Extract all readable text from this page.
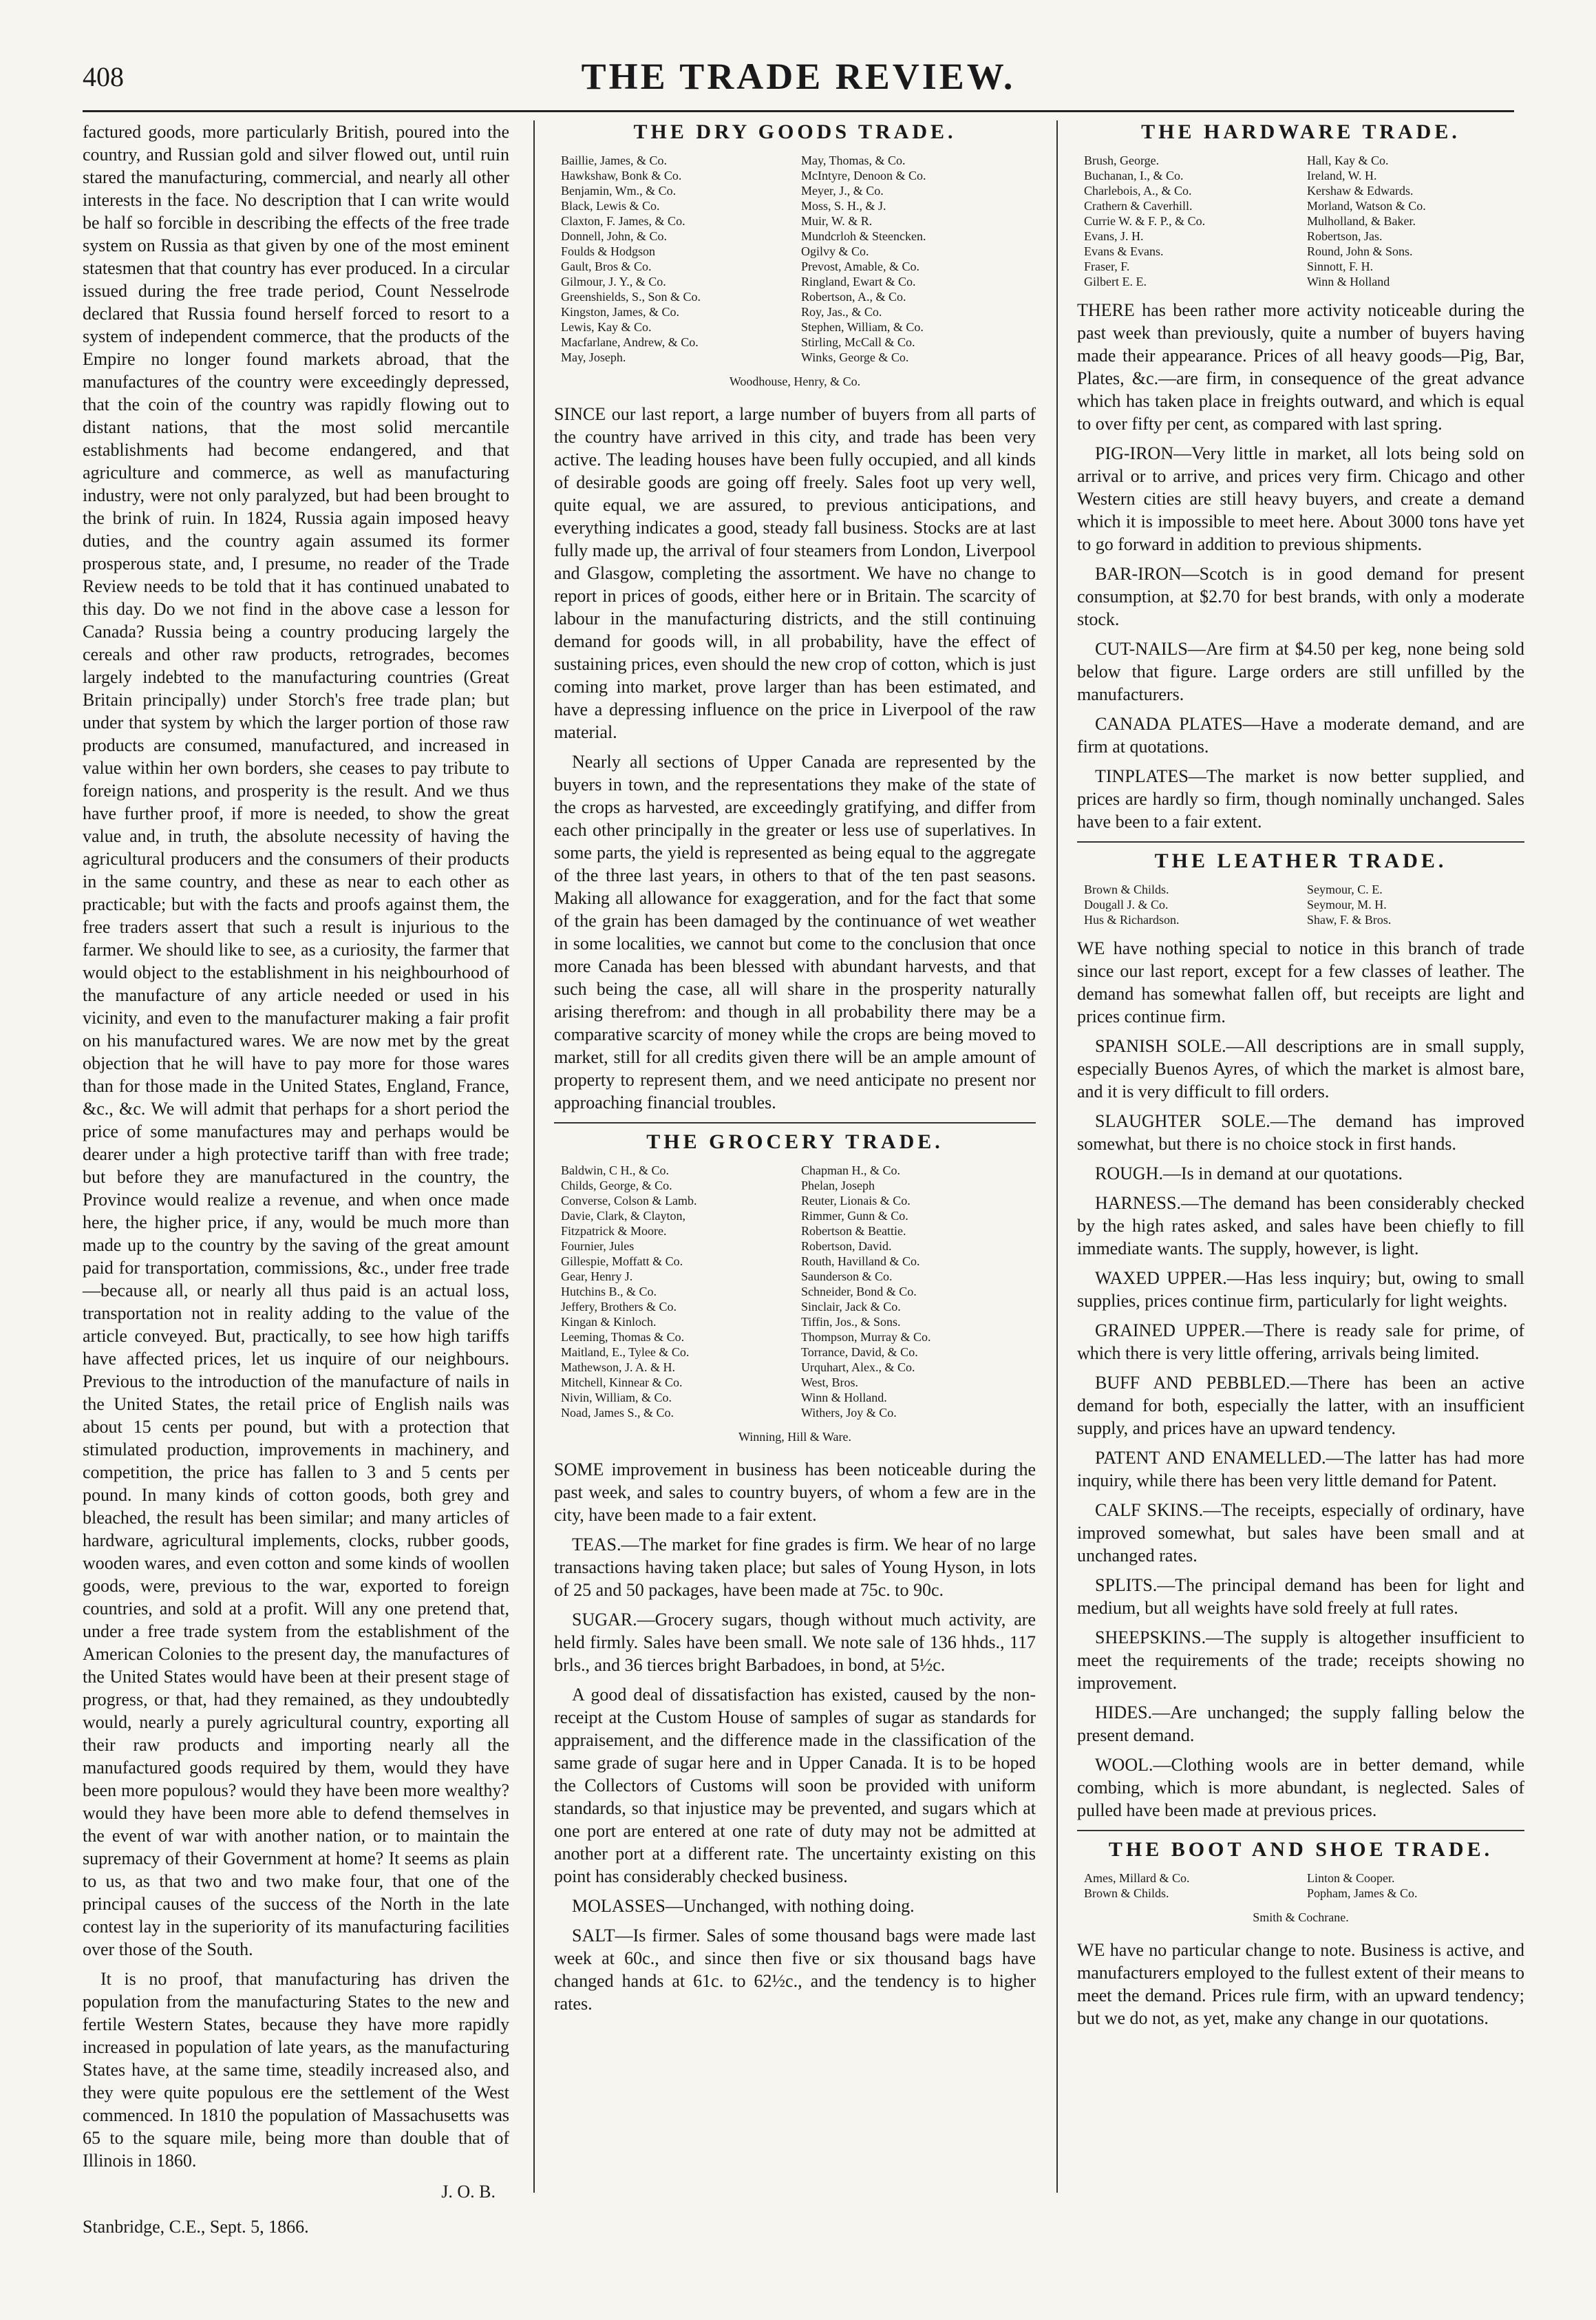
408	THE TRADE REVIEW.

factured goods, more particularly British, poured into the country, and Russian gold and silver flowed out, until ruin stared the manufacturing, commercial, and nearly all other interests in the face. No description that I can write would be half so forcible in describing the effects of the free trade system on Russia as that given by one of the most eminent statesmen that that country has ever produced. In a circular issued during the free trade period, Count Nesselrode declared that Russia found herself forced to resort to a system of independent commerce, that the products of the Empire no longer found markets abroad, that the manufactures of the country were exceedingly depressed, that the coin of the country was rapidly flowing out to distant nations, that the most solid mercantile establishments had become endangered, and that agriculture and commerce, as well as manufacturing industry, were not only paralyzed, but had been brought to the brink of ruin. In 1824, Russia again imposed heavy duties, and the country again assumed its former prosperous state, and, I presume, no reader of the Trade Review needs to be told that it has continued unabated to this day. Do we not find in the above case a lesson for Canada? Russia being a country producing largely the cereals and other raw products, retrogrades, becomes largely indebted to the manufacturing countries (Great Britain principally) under Storch's free trade plan; but under that system by which the larger portion of those raw products are consumed, manufactured, and increased in value within her own borders, she ceases to pay tribute to foreign nations, and prosperity is the result. And we thus have further proof, if more is needed, to show the great value and, in truth, the absolute necessity of having the agricultural producers and the consumers of their products in the same country, and these as near to each other as practicable; but with the facts and proofs against them, the free traders assert that such a result is injurious to the farmer. We should like to see, as a curiosity, the farmer that would object to the establishment in his neighbourhood of the manufacture of any article needed or used in his vicinity, and even to the manufacturer making a fair profit on his manufactured wares. We are now met by the great objection that he will have to pay more for those wares than for those made in the United States, England, France, &c., &c. We will admit that perhaps for a short period the price of some manufactures may and perhaps would be dearer under a high protective tariff than with free trade; but before they are manufactured in the country, the Province would realize a revenue, and when once made here, the higher price, if any, would be much more than made up to the country by the saving of the great amount paid for transportation, commissions, &c., under free trade—because all, or nearly all thus paid is an actual loss, transportation not in reality adding to the value of the article conveyed. But, practically, to see how high tariffs have affected prices, let us inquire of our neighbours. Previous to the introduction of the manufacture of nails in the United States, the retail price of English nails was about 15 cents per pound, but with a protection that stimulated production, improvements in machinery, and competition, the price has fallen to 3 and 5 cents per pound. In many kinds of cotton goods, both grey and bleached, the result has been similar; and many articles of hardware, agricultural implements, clocks, rubber goods, wooden wares, and even cotton and some kinds of woollen goods, were, previous to the war, exported to foreign countries, and sold at a profit. Will any one pretend that, under a free trade system from the establishment of the American Colonies to the present day, the manufactures of the United States would have been at their present stage of progress, or that, had they remained, as they undoubtedly would, nearly a purely agricultural country, exporting all their raw products and importing nearly all the manufactured goods required by them, would they have been more populous? would they have been more wealthy? would they have been more able to defend themselves in the event of war with another nation, or to maintain the supremacy of their Government at home? It seems as plain to us, as that two and two make four, that one of the principal causes of the success of the North in the late contest lay in the superiority of its manufacturing facilities over those of the South.

It is no proof, that manufacturing has driven the population from the manufacturing States to the new and fertile Western States, because they have more rapidly increased in population of late years, as the manufacturing States have, at the same time, steadily increased also, and they were quite populous ere the settlement of the West commenced. In 1810 the population of Massachusetts was 65 to the square mile, being more than double that of Illinois in 1860.

J. O. B.
Stanbridge, C.E., Sept. 5, 1866.
THE DRY GOODS TRADE.
Baillie, James, & Co.	May, Thomas, & Co.
Hawkshaw, Bonk & Co.	McIntyre, Denoon & Co.
Benjamin, Wm., & Co.	Meyer, J., & Co.
Black, Lewis & Co.	Moss, S. H., & J.
Claxton, F. James, & Co.	Muir, W. & R.
Donnell, John, & Co.	Mundcrloh & Steencken.
Foulds & Hodgson	Ogilvy & Co.
Gault, Bros & Co.	Prevost, Amable, & Co.
Gilmour, J. Y., & Co.	Ringland, Ewart & Co.
Greenshields, S., Son & Co.	Robertson, A., & Co.
Kingston, James, & Co.	Roy, Jas., & Co.
Lewis, Kay & Co.	Stephen, William, & Co.
Macfarlane, Andrew, & Co.	Stirling, McCall & Co.
May, Joseph.	Winks, George & Co.
Woodhouse, Henry, & Co.

SINCE our last report, a large number of buyers from all parts of the country have arrived in this city, and trade has been very active. The leading houses have been fully occupied, and all kinds of desirable goods are going off freely. Sales foot up very well, quite equal, we are assured, to previous anticipations, and everything indicates a good, steady fall business. Stocks are at last fully made up, the arrival of four steamers from London, Liverpool and Glasgow, completing the assortment. We have no change to report in prices of goods, either here or in Britain. The scarcity of labour in the manufacturing districts, and the still continuing demand for goods will, in all probability, have the effect of sustaining prices, even should the new crop of cotton, which is just coming into market, prove larger than has been estimated, and have a depressing influence on the price in Liverpool of the raw material.

Nearly all sections of Upper Canada are represented by the buyers in town, and the representations they make of the state of the crops as harvested, are exceedingly gratifying, and differ from each other principally in the greater or less use of superlatives. In some parts, the yield is represented as being equal to the aggregate of the three last years, in others to that of the ten past seasons. Making all allowance for exaggeration, and for the fact that some of the grain has been damaged by the continuance of wet weather in some localities, we cannot but come to the conclusion that once more Canada has been blessed with abundant harvests, and that such being the case, all will share in the prosperity naturally arising therefrom: and though in all probability there may be a comparative scarcity of money while the crops are being moved to market, still for all credits given there will be an ample amount of property to represent them, and we need anticipate no present nor approaching financial troubles.

THE GROCERY TRADE.
Baldwin, C H., & Co.	Chapman H., & Co.
Childs, George, & Co.	Phelan, Joseph
Converse, Colson & Lamb.	Reuter, Lionais & Co.
Davie, Clark, & Clayton,	Rimmer, Gunn & Co.
Fitzpatrick & Moore.	Robertson & Beattie.
Fournier, Jules	Robertson, David.
Gillespie, Moffatt & Co.	Routh, Havilland & Co.
Gear, Henry J.	Saunderson & Co.
Hutchins B., & Co.	Schneider, Bond & Co.
Jeffery, Brothers & Co.	Sinclair, Jack & Co.
Kingan & Kinloch.	Tiffin, Jos., & Sons.
Leeming, Thomas & Co.	Thompson, Murray & Co.
Maitland, E., Tylee & Co.	Torrance, David, & Co.
Mathewson, J. A. & H.	Urquhart, Alex., & Co.
Mitchell, Kinnear & Co.	West, Bros.
Nivin, William, & Co.	Winn & Holland.
Noad, James S., & Co.	Withers, Joy & Co.
Winning, Hill & Ware.

SOME improvement in business has been noticeable during the past week, and sales to country buyers, of whom a few are in the city, have been made to a fair extent.

TEAS.—The market for fine grades is firm. We hear of no large transactions having taken place; but sales of Young Hyson, in lots of 25 and 50 packages, have been made at 75c. to 90c.

SUGAR.—Grocery sugars, though without much activity, are held firmly. Sales have been small. We note sale of 136 hhds., 117 brls., and 36 tierces bright Barbadoes, in bond, at 5½c.

A good deal of dissatisfaction has existed, caused by the non-receipt at the Custom House of samples of sugar as standards for appraisement, and the difference made in the classification of the same grade of sugar here and in Upper Canada. It is to be hoped the Collectors of Customs will soon be provided with uniform standards, so that injustice may be prevented, and sugars which at one port are entered at one rate of duty may not be admitted at another port at a different rate. The uncertainty existing on this point has considerably checked business.

MOLASSES—Unchanged, with nothing doing.

SALT—Is firmer. Sales of some thousand bags were made last week at 60c., and since then five or six thousand bags have changed hands at 61c. to 62½c., and the tendency is to higher rates.

THE HARDWARE TRADE.
Brush, George.	Hall, Kay & Co.
Buchanan, I., & Co.	Ireland, W. H.
Charlebois, A., & Co.	Kershaw & Edwards.
Crathern & Caverhill.	Morland, Watson & Co.
Currie W. & F. P., & Co.	Mulholland, & Baker.
Evans, J. H.	Robertson, Jas.
Evans & Evans.	Round, John & Sons.
Fraser, F.	Sinnott, F. H.
Gilbert E. E.	Winn & Holland

THERE has been rather more activity noticeable during the past week than previously, quite a number of buyers having made their appearance. Prices of all heavy goods—Pig, Bar, Plates, &c.—are firm, in consequence of the great advance which has taken place in freights outward, and which is equal to over fifty per cent, as compared with last spring.

PIG-IRON—Very little in market, all lots being sold on arrival or to arrive, and prices very firm. Chicago and other Western cities are still heavy buyers, and create a demand which it is impossible to meet here. About 3000 tons have yet to go forward in addition to previous shipments.

BAR-IRON—Scotch is in good demand for present consumption, at $2.70 for best brands, with only a moderate stock.

CUT-NAILS—Are firm at $4.50 per keg, none being sold below that figure. Large orders are still unfilled by the manufacturers.

CANADA PLATES—Have a moderate demand, and are firm at quotations.

TINPLATES—The market is now better supplied, and prices are hardly so firm, though nominally unchanged. Sales have been to a fair extent.

THE LEATHER TRADE.
Brown & Childs.	Seymour, C. E.
Dougall J. & Co.	Seymour, M. H.
Hus & Richardson.	Shaw, F. & Bros.

WE have nothing special to notice in this branch of trade since our last report, except for a few classes of leather. The demand has somewhat fallen off, but receipts are light and prices continue firm.

SPANISH SOLE.—All descriptions are in small supply, especially Buenos Ayres, of which the market is almost bare, and it is very difficult to fill orders.

SLAUGHTER SOLE.—The demand has improved somewhat, but there is no choice stock in first hands.

ROUGH.—Is in demand at our quotations.

HARNESS.—The demand has been considerably checked by the high rates asked, and sales have been chiefly to fill immediate wants. The supply, however, is light.

WAXED UPPER.—Has less inquiry; but, owing to small supplies, prices continue firm, particularly for light weights.

GRAINED UPPER.—There is ready sale for prime, of which there is very little offering, arrivals being limited.

BUFF AND PEBBLED.—There has been an active demand for both, especially the latter, with an insufficient supply, and prices have an upward tendency.

PATENT AND ENAMELLED.—The latter has had more inquiry, while there has been very little demand for Patent.

CALF SKINS.—The receipts, especially of ordinary, have improved somewhat, but sales have been small and at unchanged rates.

SPLITS.—The principal demand has been for light and medium, but all weights have sold freely at full rates.

SHEEPSKINS.—The supply is altogether insufficient to meet the requirements of the trade; receipts showing no improvement.

HIDES.—Are unchanged; the supply falling below the present demand.

WOOL.—Clothing wools are in better demand, while combing, which is more abundant, is neglected. Sales of pulled have been made at previous prices.

THE BOOT AND SHOE TRADE.
Ames, Millard & Co.	Linton & Cooper.
Brown & Childs.	Popham, James & Co.
Smith & Cochrane.

WE have no particular change to note. Business is active, and manufacturers employed to the fullest extent of their means to meet the demand. Prices rule firm, with an upward tendency; but we do not, as yet, make any change in our quotations.
